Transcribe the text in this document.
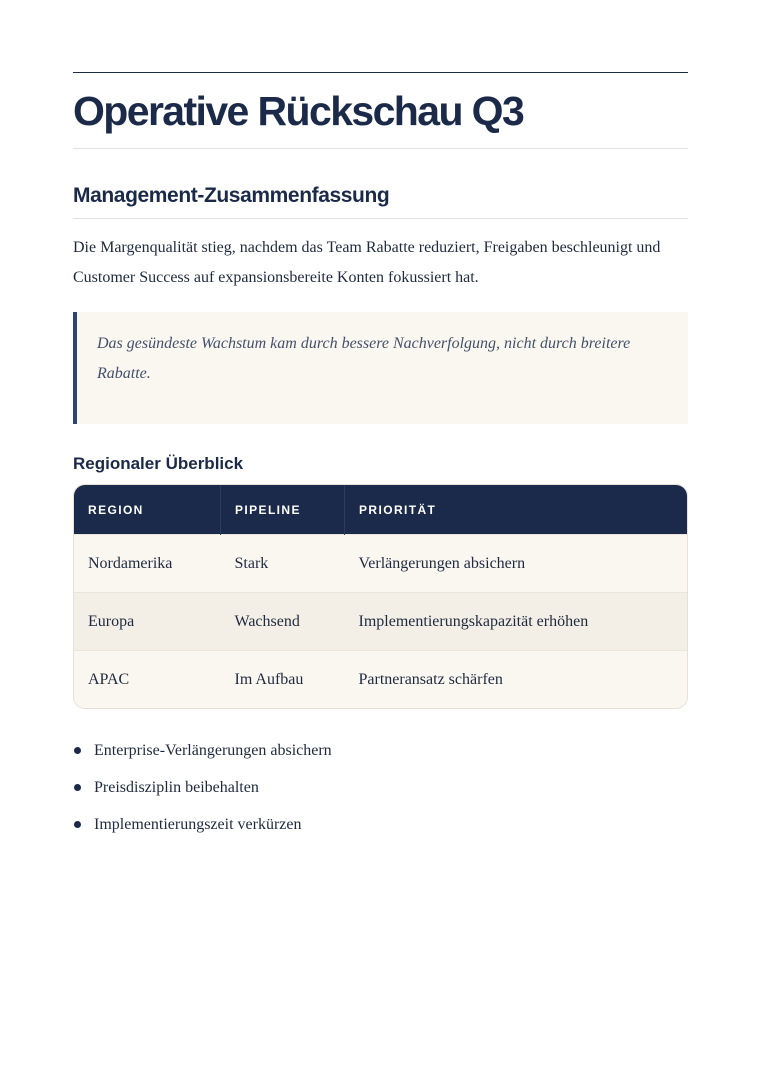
Operative Rückschau Q3
Management-Zusammenfassung

Die Margenqualität stieg, nachdem das Team Rabatte reduziert, Freigaben beschleunigt und Customer Success auf expansionsbereite Konten fokussiert hat.

Das gesündeste Wachstum kam durch bessere Nachverfolgung, nicht durch breitere Rabatte.
Regionaler Überblick
REGION	PIPELINE	PRIORITÄT
Nordamerika	Stark	Verlängerungen absichern
Europa	Wachsend	Implementierungskapazität erhöhen
APAC	Im Aufbau	Partneransatz schärfen
Enterprise-Verlängerungen absichern
Preisdisziplin beibehalten
Implementierungszeit verkürzen
